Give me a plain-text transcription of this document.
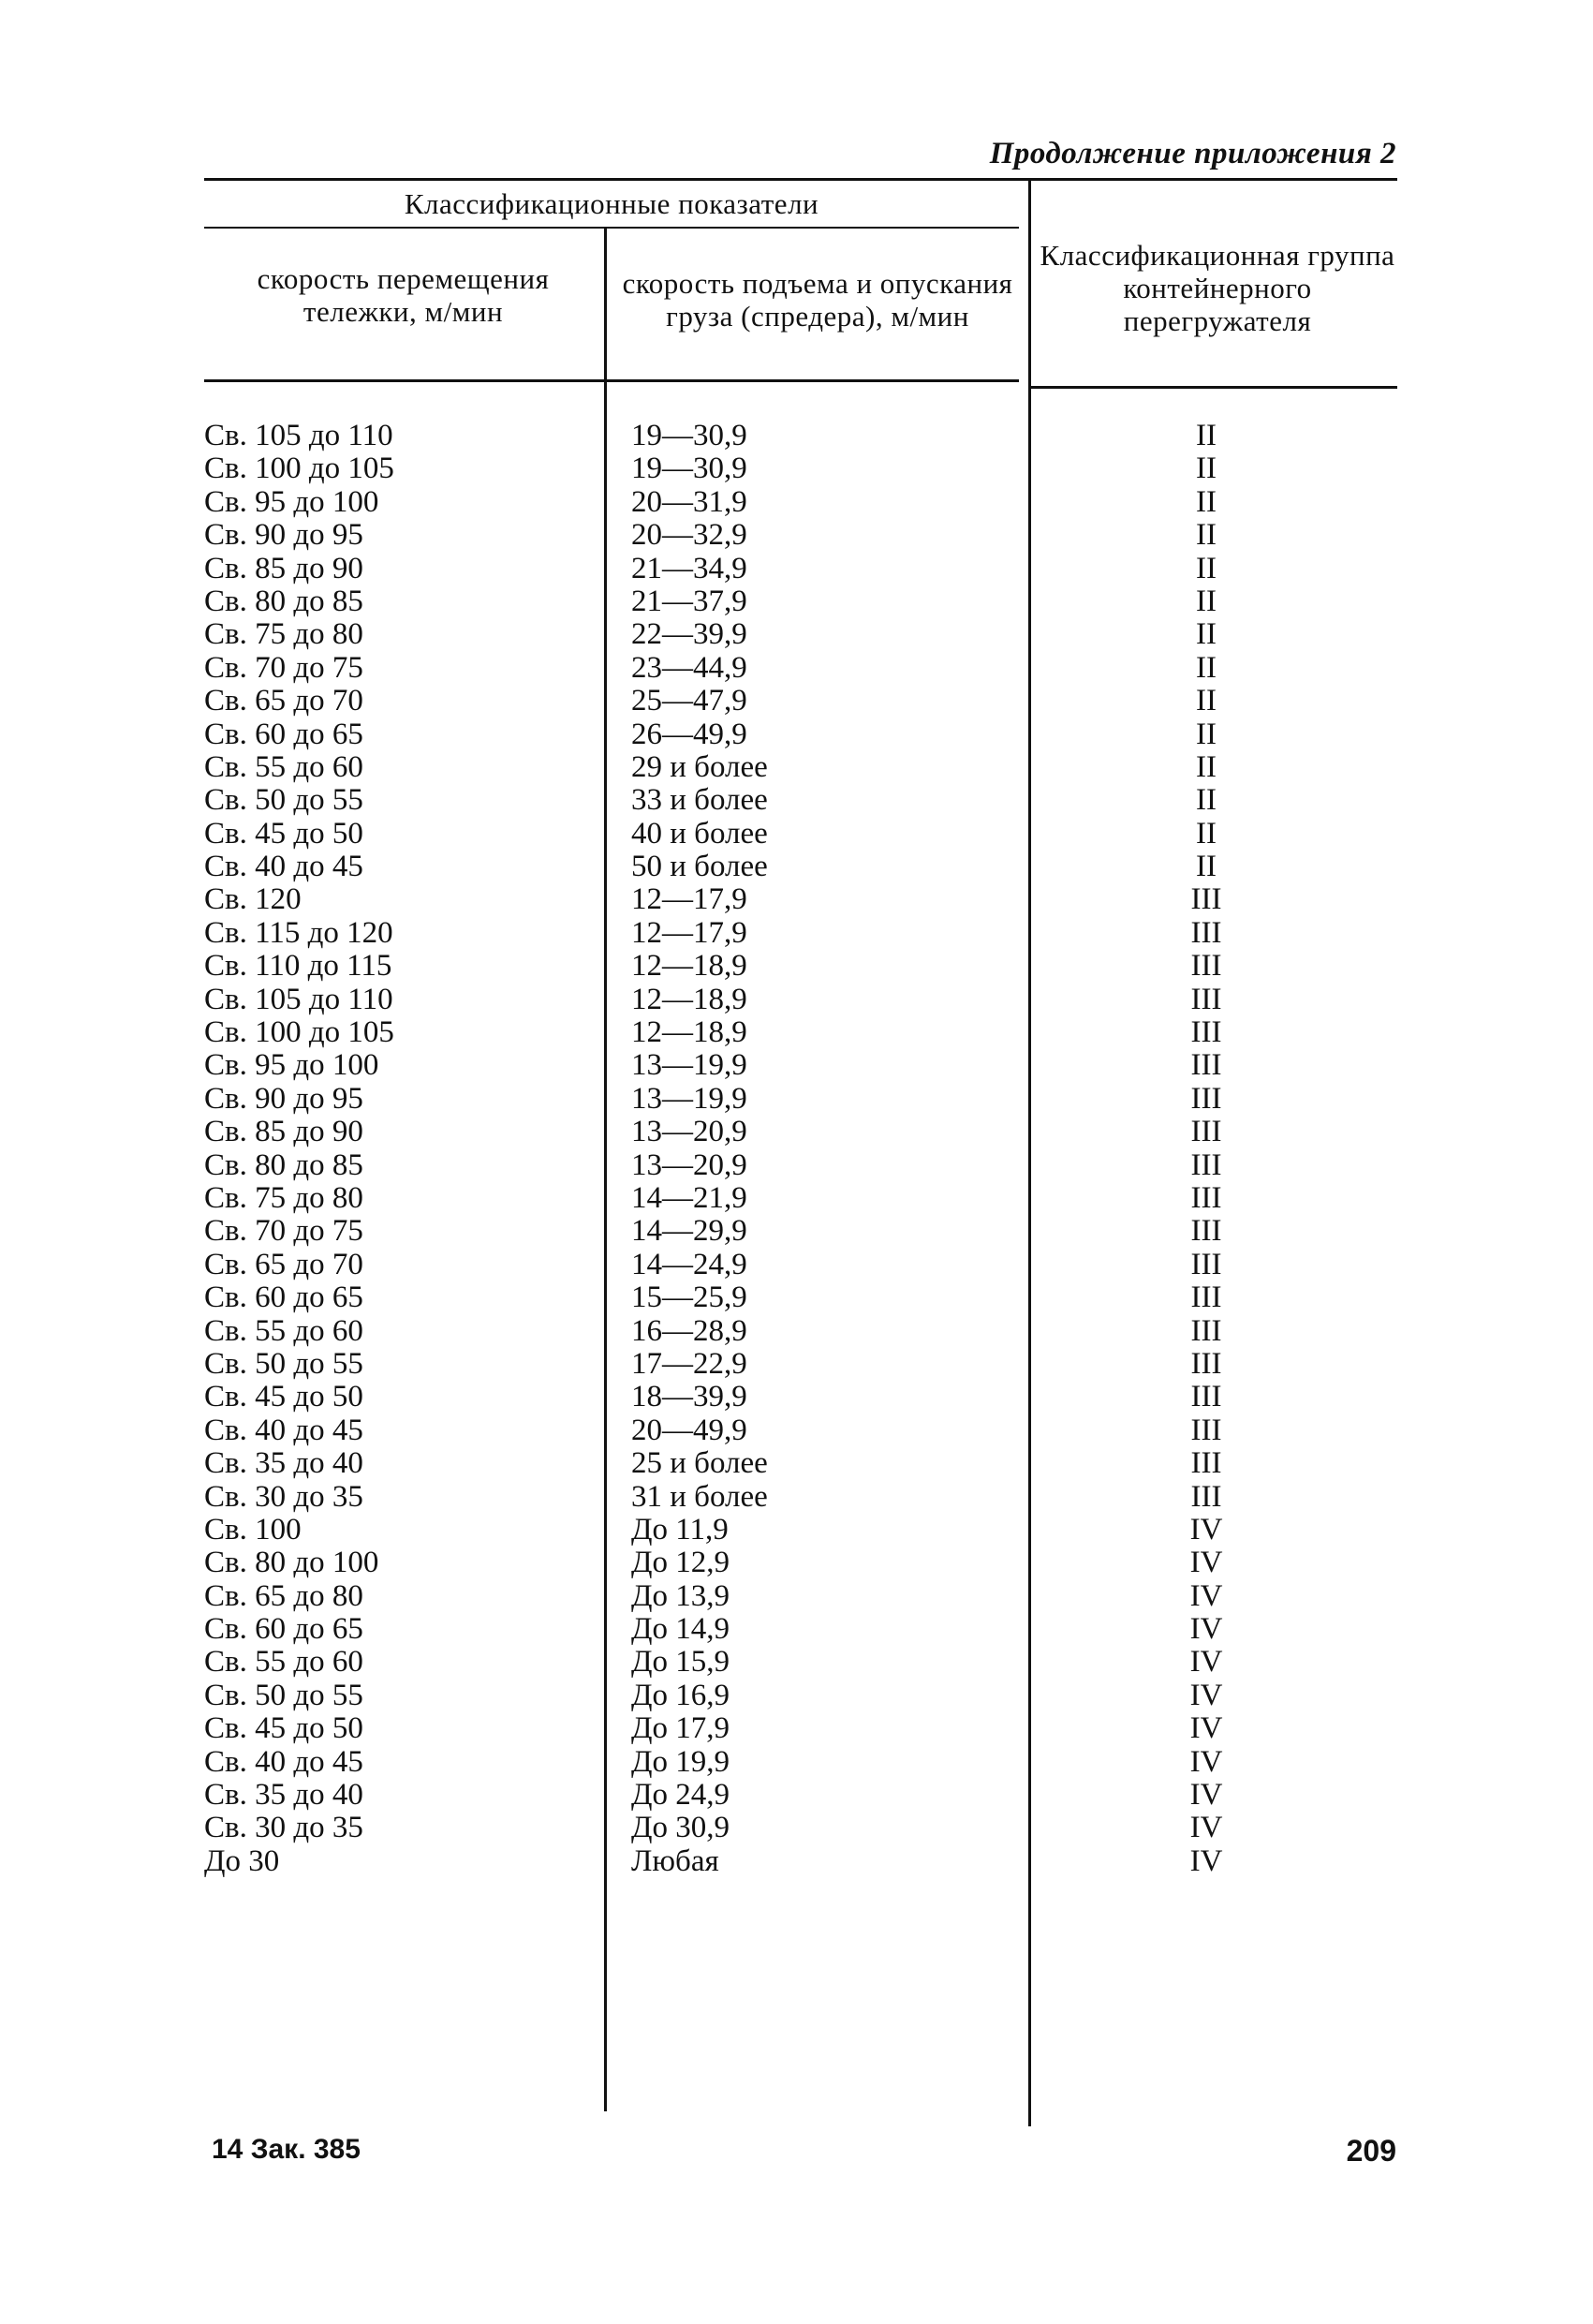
Продолжение приложения 2
Классификационные показатели
скорость перемещения тележки, м/мин
скорость подъема и опускания груза (спредера), м/мин
Классификационная группа контейнерного перегружателя
Св. 105 до 110	19—30,9	II
Св. 100 до 105	19—30,9	II
Св. 95 до 100	20—31,9	II
Св. 90 до 95	20—32,9	II
Св. 85 до 90	21—34,9	II
Св. 80 до 85	21—37,9	II
Св. 75 до 80	22—39,9	II
Св. 70 до 75	23—44,9	II
Св. 65 до 70	25—47,9	II
Св. 60 до 65	26—49,9	II
Св. 55 до 60	29 и более	II
Св. 50 до 55	33 и более	II
Св. 45 до 50	40 и более	II
Св. 40 до 45	50 и более	II
Св. 120	12—17,9	III
Св. 115 до 120	12—17,9	III
Св. 110 до 115	12—18,9	III
Св. 105 до 110	12—18,9	III
Св. 100 до 105	12—18,9	III
Св. 95 до 100	13—19,9	III
Св. 90 до 95	13—19,9	III
Св. 85 до 90	13—20,9	III
Св. 80 до 85	13—20,9	III
Св. 75 до 80	14—21,9	III
Св. 70 до 75	14—29,9	III
Св. 65 до 70	14—24,9	III
Св. 60 до 65	15—25,9	III
Св. 55 до 60	16—28,9	III
Св. 50 до 55	17—22,9	III
Св. 45 до 50	18—39,9	III
Св. 40 до 45	20—49,9	III
Св. 35 до 40	25 и более	III
Св. 30 до 35	31 и более	III
Св. 100	До 11,9	IV
Св. 80 до 100	До 12,9	IV
Св. 65 до 80	До 13,9	IV
Св. 60 до 65	До 14,9	IV
Св. 55 до 60	До 15,9	IV
Св. 50 до 55	До 16,9	IV
Св. 45 до 50	До 17,9	IV
Св. 40 до 45	До 19,9	IV
Св. 35 до 40	До 24,9	IV
Св. 30 до 35	До 30,9	IV
До 30	Любая	IV
14 Зак. 385	209
